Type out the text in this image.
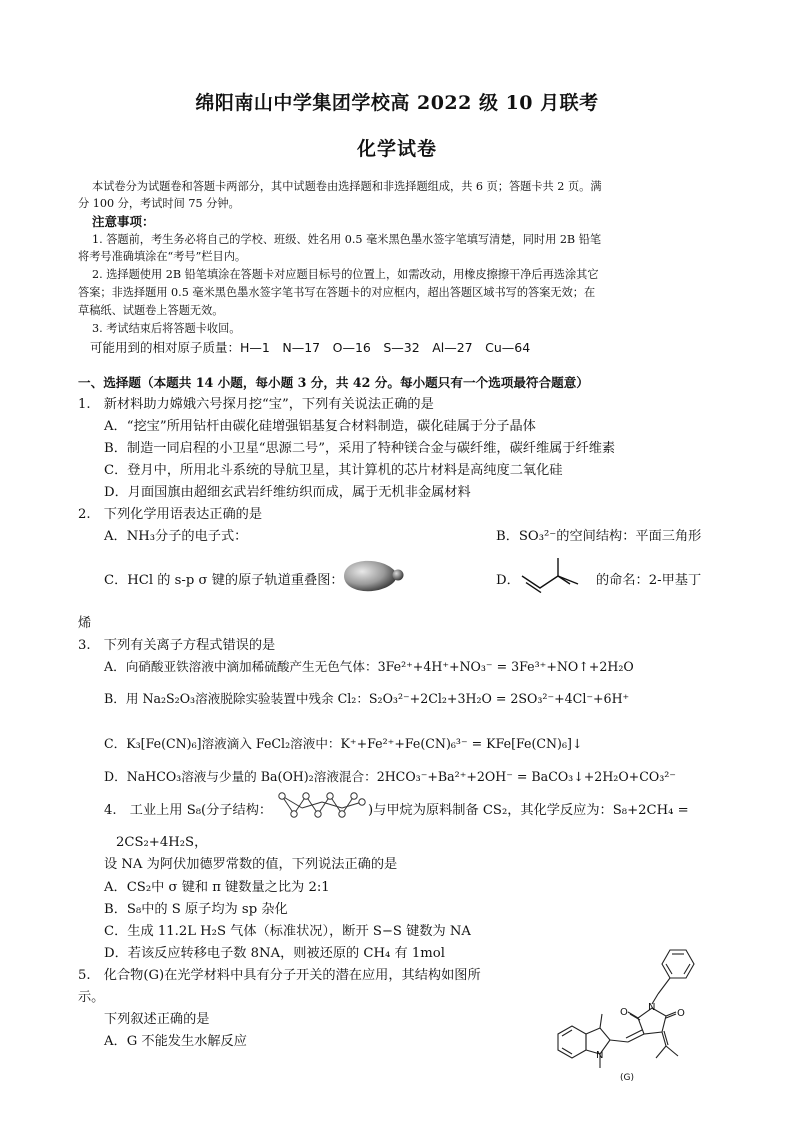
绵阳南山中学集团学校高 2022 级 10 月联考
化学试卷
本试卷分为试题卷和答题卡两部分，其中试题卷由选择题和非选择题组成，共 6 页；答题卡共 2 页。满
分 100 分，考试时间 75 分钟。
注意事项：
1. 答题前，考生务必将自己的学校、班级、姓名用 0.5 毫米黑色墨水签字笔填写清楚，同时用 2B 铅笔
将考号准确填涂在“考号”栏目内。
2. 选择题使用 2B 铅笔填涂在答题卡对应题目标号的位置上，如需改动，用橡皮擦擦干净后再选涂其它
答案；非选择题用 0.5 毫米黑色墨水签字笔书写在答题卡的对应框内，超出答题区域书写的答案无效；在
草稿纸、试题卷上答题无效。
3. 考试结束后将答题卡收回。
可能用到的相对原子质量：H—1　N—17　O—16　S—32　Al—27　Cu—64
一、选择题（本题共 14 小题，每小题 3 分，共 42 分。每小题只有一个选项最符合题意）
1.　新材料助力嫦娥六号探月挖“宝”，下列有关说法正确的是
A．“挖宝”所用钻杆由碳化硅增强铝基复合材料制造，碳化硅属于分子晶体
B．制造一同启程的小卫星“思源二号”，采用了特种镁合金与碳纤维，碳纤维属于纤维素
C．登月中，所用北斗系统的导航卫星，其计算机的芯片材料是高纯度二氧化硅
D．月面国旗由超细玄武岩纤维纺织而成，属于无机非金属材料
2.　下列化学用语表达正确的是
A．NH₃分子的电子式：	B．SO₃²⁻的空间结构：平面三角形
C．HCl 的 s-p σ 键的原子轨道重叠图：	D．	的命名：2-甲基丁
烯
3.　下列有关离子方程式错误的是
A．向硝酸亚铁溶液中滴加稀硫酸产生无色气体：3Fe²⁺+4H⁺+NO₃⁻ = 3Fe³⁺+NO↑+2H₂O
B．用 Na₂S₂O₃溶液脱除实验装置中残余 Cl₂：S₂O₃²⁻+2Cl₂+3H₂O = 2SO₃²⁻+4Cl⁻+6H⁺
C．K₃[Fe(CN)₆]溶液滴入 FeCl₂溶液中：K⁺+Fe²⁺+Fe(CN)₆³⁻ = KFe[Fe(CN)₆]↓
D．NaHCO₃溶液与少量的 Ba(OH)₂溶液混合：2HCO₃⁻+Ba²⁺+2OH⁻ = BaCO₃↓+2H₂O+CO₃²⁻
4.　工业上用 S₈(分子结构：	)与甲烷为原料制备 CS₂，其化学反应为：S₈+2CH₄ =
2CS₂+4H₂S，
设 NA 为阿伏加德罗常数的值，下列说法正确的是
A．CS₂中 σ 键和 π 键数量之比为 2:1
B．S₈中的 S 原子均为 sp 杂化
C．生成 11.2L H₂S 气体（标准状况），断开 S−S 键数为 NA
D．若该反应转移电子数 8NA，则被还原的 CH₄ 有 1mol
5.　化合物(G)在光学材料中具有分子开关的潜在应用，其结构如图所
示。
下列叙述正确的是
A．G 不能发生水解反应
O N
O
N
(G)
